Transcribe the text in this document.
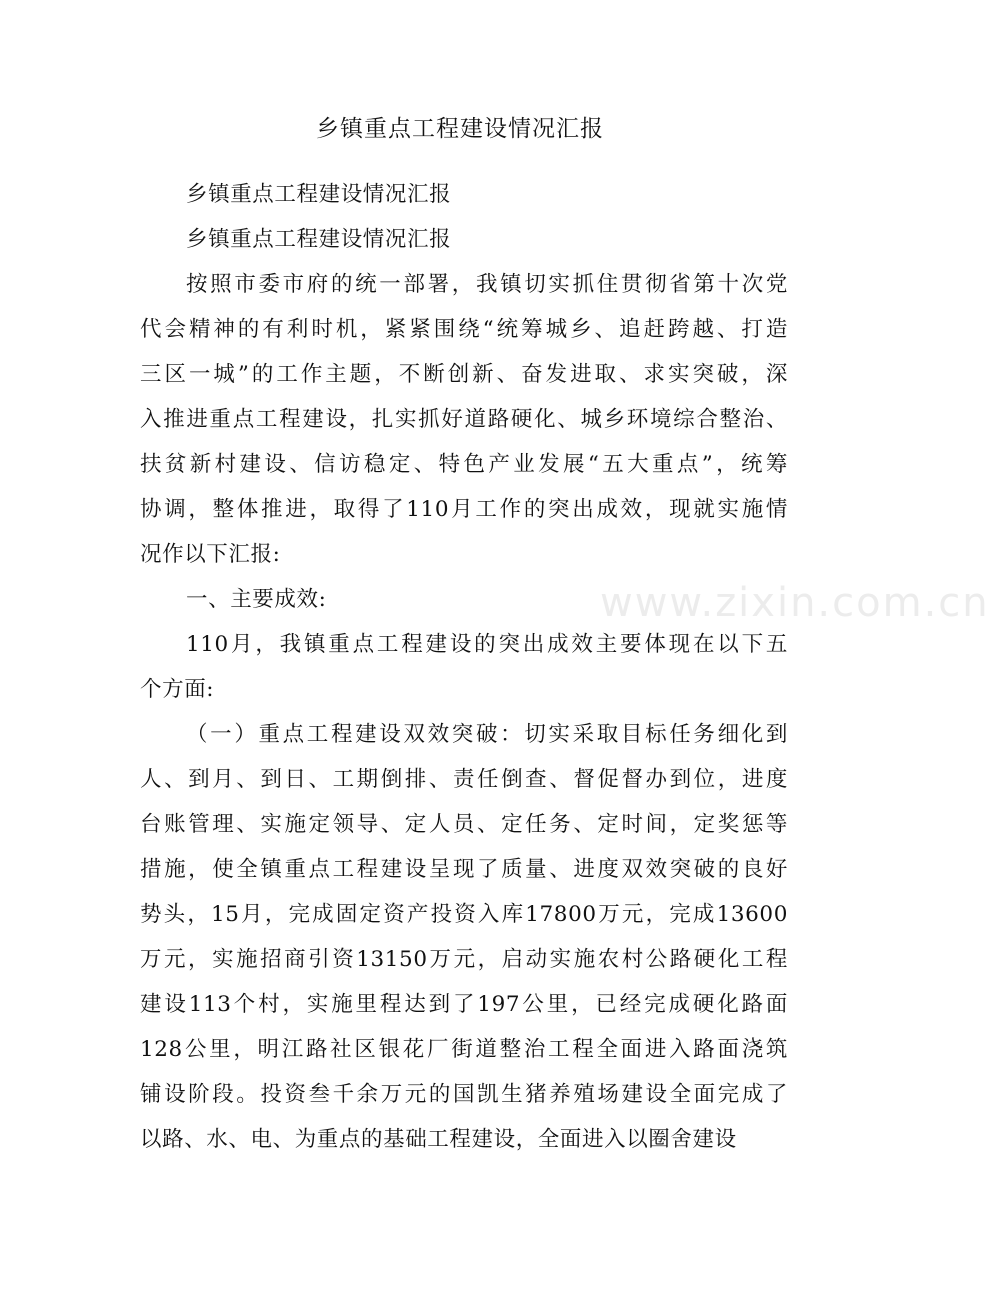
www.zixin.com.cn
乡镇重点工程建设情况汇报
乡镇重点工程建设情况汇报
乡镇重点工程建设情况汇报
按照市委市府的统一部署，我镇切实抓住贯彻省第十次党
代会精神的有利时机，紧紧围绕“统筹城乡、追赶跨越、打造
三区一城”的工作主题，不断创新、奋发进取、求实突破，深
入推进重点工程建设，扎实抓好道路硬化、城乡环境综合整治、
扶贫新村建设、信访稳定、特色产业发展“五大重点”，统筹
协调，整体推进，取得了110月工作的突出成效，现就实施情
况作以下汇报:
一、主要成效:
110月，我镇重点工程建设的突出成效主要体现在以下五
个方面:
（一）重点工程建设双效突破：切实采取目标任务细化到
人、到月、到日、工期倒排、责任倒查、督促督办到位，进度
台账管理、实施定领导、定人员、定任务、定时间，定奖惩等
措施，使全镇重点工程建设呈现了质量、进度双效突破的良好
势头，15月，完成固定资产投资入库17800万元，完成13600
万元，实施招商引资13150万元，启动实施农村公路硬化工程
建设113个村，实施里程达到了197公里，已经完成硬化路面
128公里，明江路社区银花厂街道整治工程全面进入路面浇筑
铺设阶段。投资叁千余万元的国凯生猪养殖场建设全面完成了
以路、水、电、为重点的基础工程建设，全面进入以圈舍建设
